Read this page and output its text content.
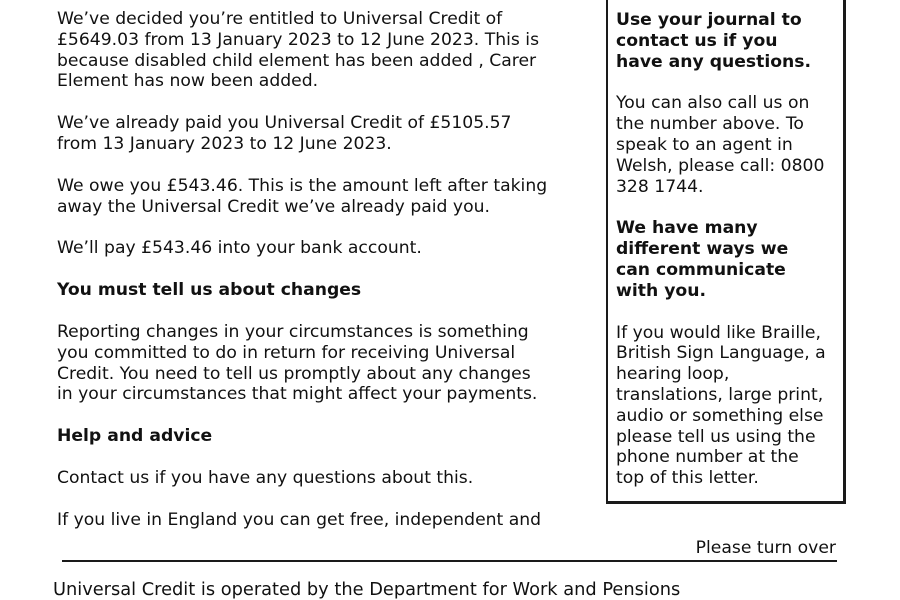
We’ve decided you’re entitled to Universal Credit of
£5649.03 from 13 January 2023 to 12 June 2023. This is
because disabled child element has been added , Carer
Element has now been added.

We’ve already paid you Universal Credit of £5105.57
from 13 January 2023 to 12 June 2023.

We owe you £543.46. This is the amount left after taking
away the Universal Credit we’ve already paid you.

We’ll pay £543.46 into your bank account.

You must tell us about changes

Reporting changes in your circumstances is something
you committed to do in return for receiving Universal
Credit. You need to tell us promptly about any changes
in your circumstances that might affect your payments.

Help and advice

Contact us if you have any questions about this.

If you live in England you can get free, independent and

Use your journal to
contact us if you
have any questions.

You can also call us on
the number above. To
speak to an agent in
Welsh, please call: 0800
328 1744.

We have many
different ways we
can communicate
with you.

If you would like Braille,
British Sign Language, a
hearing loop,
translations, large print,
audio or something else
please tell us using the
phone number at the
top of this letter.

Please turn over
Universal Credit is operated by the Department for Work and Pensions
